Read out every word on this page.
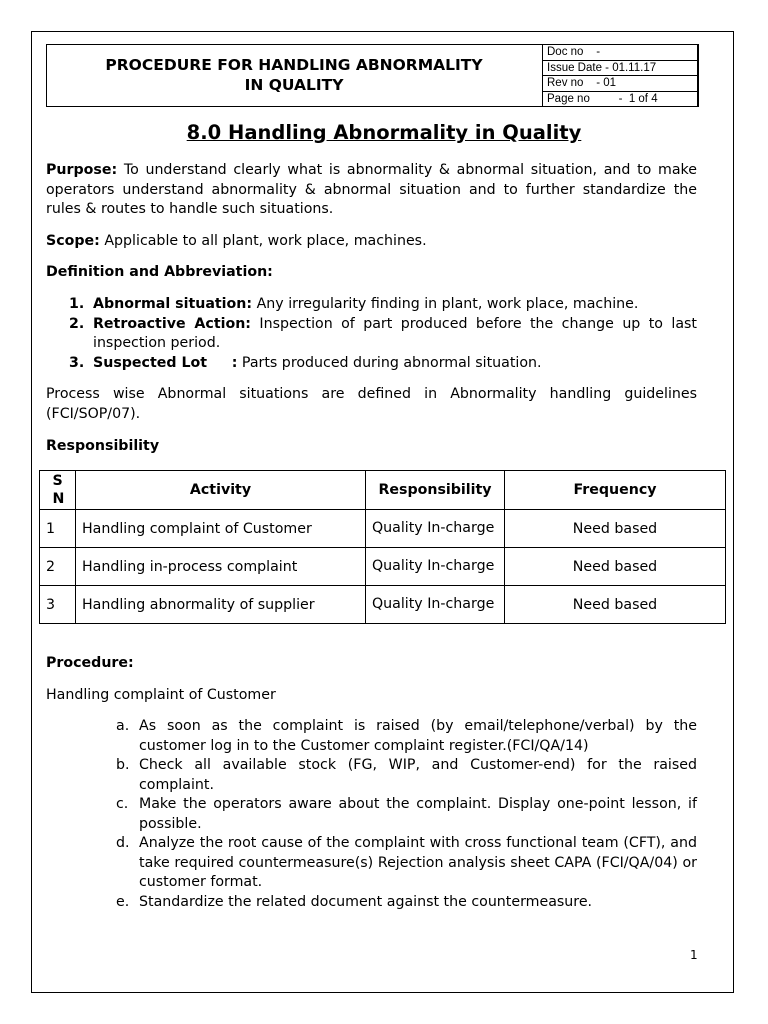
PROCEDURE FOR HANDLING ABNORMALITY
IN QUALITY
Doc no    -
Issue Date - 01.11.17
Rev no    - 01
Page no         -  1 of 4
8.0 Handling Abnormality in Quality
Purpose: To understand clearly what is abnormality & abnormal situation, and to make operators understand abnormality & abnormal situation and to further standardize the rules & routes to handle such situations.
Scope: Applicable to all plant, work place, machines.
Definition and Abbreviation:
1. Abnormal situation: Any irregularity finding in plant, work place, machine.
2. Retroactive Action: Inspection of part produced before the change up to last inspection period.
3. Suspected Lot     : Parts produced during abnormal situation.
Process wise Abnormal situations are defined in Abnormality handling guidelines (FCI/SOP/07).
Responsibility
S N	Activity	Responsibility	Frequency
1	Handling complaint of Customer	Quality In-charge	Need based
2	Handling in-process complaint	Quality In-charge	Need based
3	Handling abnormality of supplier	Quality In-charge	Need based
Procedure:
Handling complaint of Customer
a. As soon as the complaint is raised (by email/telephone/verbal) by the customer log in to the Customer complaint register.(FCI/QA/14)
b. Check all available stock (FG, WIP, and Customer-end) for the raised complaint.
c. Make the operators aware about the complaint. Display one-point lesson, if possible.
d. Analyze the root cause of the complaint with cross functional team (CFT), and take required countermeasure(s) Rejection analysis sheet CAPA (FCI/QA/04) or customer format.
e. Standardize the related document against the countermeasure.
1
